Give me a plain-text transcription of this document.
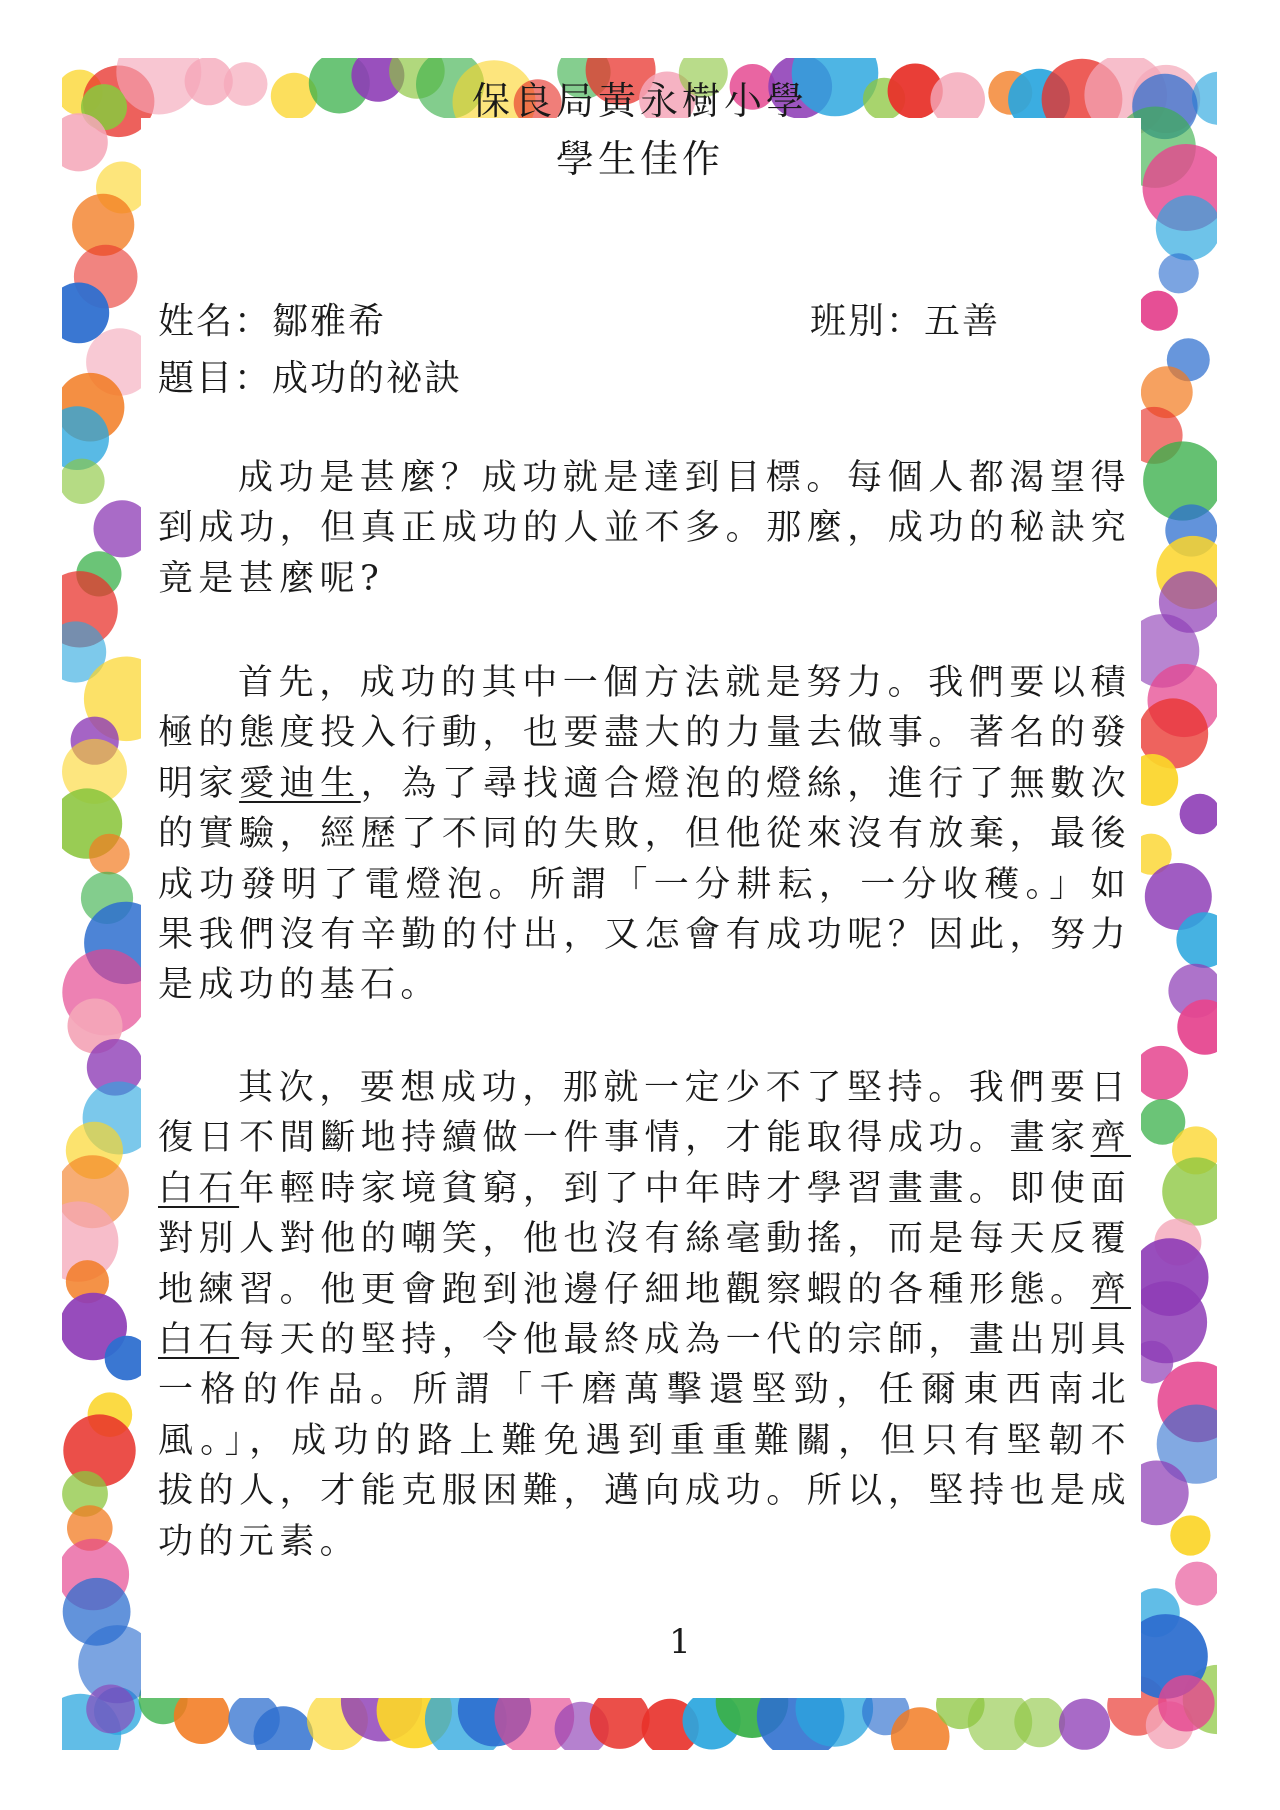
保良局黃永樹小學
學生佳作
姓名：鄒雅希	班別：五善
題目：成功的祕訣

成功是甚麼？成功就是達到目標。每個人都渴望得到成功，但真正成功的人並不多。那麼，成功的秘訣究竟是甚麼呢?

首先，成功的其中一個方法就是努力。我們要以積極的態度投入行動，也要盡大的力量去做事。著名的發明家愛迪生，為了尋找適合燈泡的燈絲，進行了無數次的實驗，經歷了不同的失敗，但他從來沒有放棄，最後成功發明了電燈泡。所謂「一分耕耘，一分收穫。」如果我們沒有辛勤的付出，又怎會有成功呢？因此，努力是成功的基石。

其次，要想成功，那就一定少不了堅持。我們要日復日不間斷地持續做一件事情，才能取得成功。畫家齊白石年輕時家境貧窮，到了中年時才學習畫畫。即使面對別人對他的嘲笑，他也沒有絲毫動搖，而是每天反覆地練習。他更會跑到池邊仔細地觀察蝦的各種形態。齊白石每天的堅持，令他最終成為一代的宗師，畫出別具一格的作品。所謂「千磨萬擊還堅勁，任爾東西南北風。」，成功的路上難免遇到重重難關，但只有堅韌不拔的人，才能克服困難，邁向成功。所以，堅持也是成功的元素。

1
